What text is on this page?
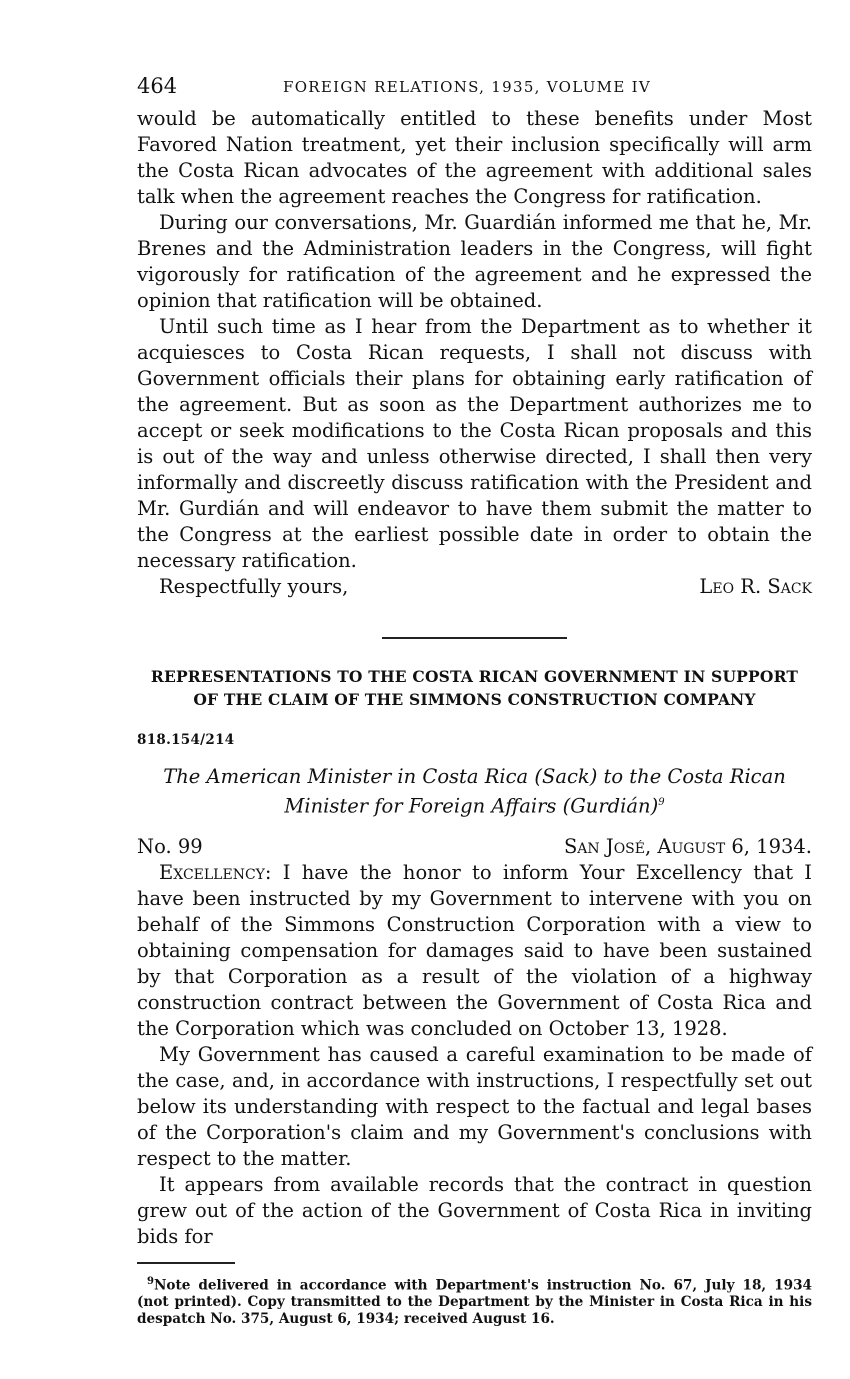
464	FOREIGN RELATIONS, 1935, VOLUME IV

would be automatically entitled to these benefits under Most Favored Nation treatment, yet their inclusion specifically will arm the Costa Rican advocates of the agreement with additional sales talk when the agreement reaches the Congress for ratification.

During our conversations, Mr. Guardián informed me that he, Mr. Brenes and the Administration leaders in the Congress, will fight vigorously for ratification of the agreement and he expressed the opinion that ratification will be obtained.

Until such time as I hear from the Department as to whether it acquiesces to Costa Rican requests, I shall not discuss with Government officials their plans for obtaining early ratification of the agreement. But as soon as the Department authorizes me to accept or seek modifications to the Costa Rican proposals and this is out of the way and unless otherwise directed, I shall then very informally and discreetly discuss ratification with the President and Mr. Gurdián and will endeavor to have them submit the matter to the Congress at the earliest possible date in order to obtain the necessary ratification.

Respectfully yours,	Leo R. Sack
REPRESENTATIONS TO THE COSTA RICAN GOVERNMENT IN SUPPORT
OF THE CLAIM OF THE SIMMONS CONSTRUCTION COMPANY
818.154/214
The American Minister in Costa Rica (Sack) to the Costa Rican
Minister for Foreign Affairs (Gurdián)$^9$
No. 99	San José, August 6, 1934.

Excellency: I have the honor to inform Your Excellency that I have been instructed by my Government to intervene with you on behalf of the Simmons Construction Corporation with a view to obtaining compensation for damages said to have been sustained by that Corporation as a result of the violation of a highway construction contract between the Government of Costa Rica and the Corporation which was concluded on October 13, 1928.

My Government has caused a careful examination to be made of the case, and, in accordance with instructions, I respectfully set out below its understanding with respect to the factual and legal bases of the Corporation's claim and my Government's conclusions with respect to the matter.

It appears from available records that the contract in question grew out of the action of the Government of Costa Rica in inviting bids for

$^9$Note delivered in accordance with Department's instruction No. 67, July 18, 1934 (not printed). Copy transmitted to the Department by the Minister in Costa Rica in his despatch No. 375, August 6, 1934; received August 16.
